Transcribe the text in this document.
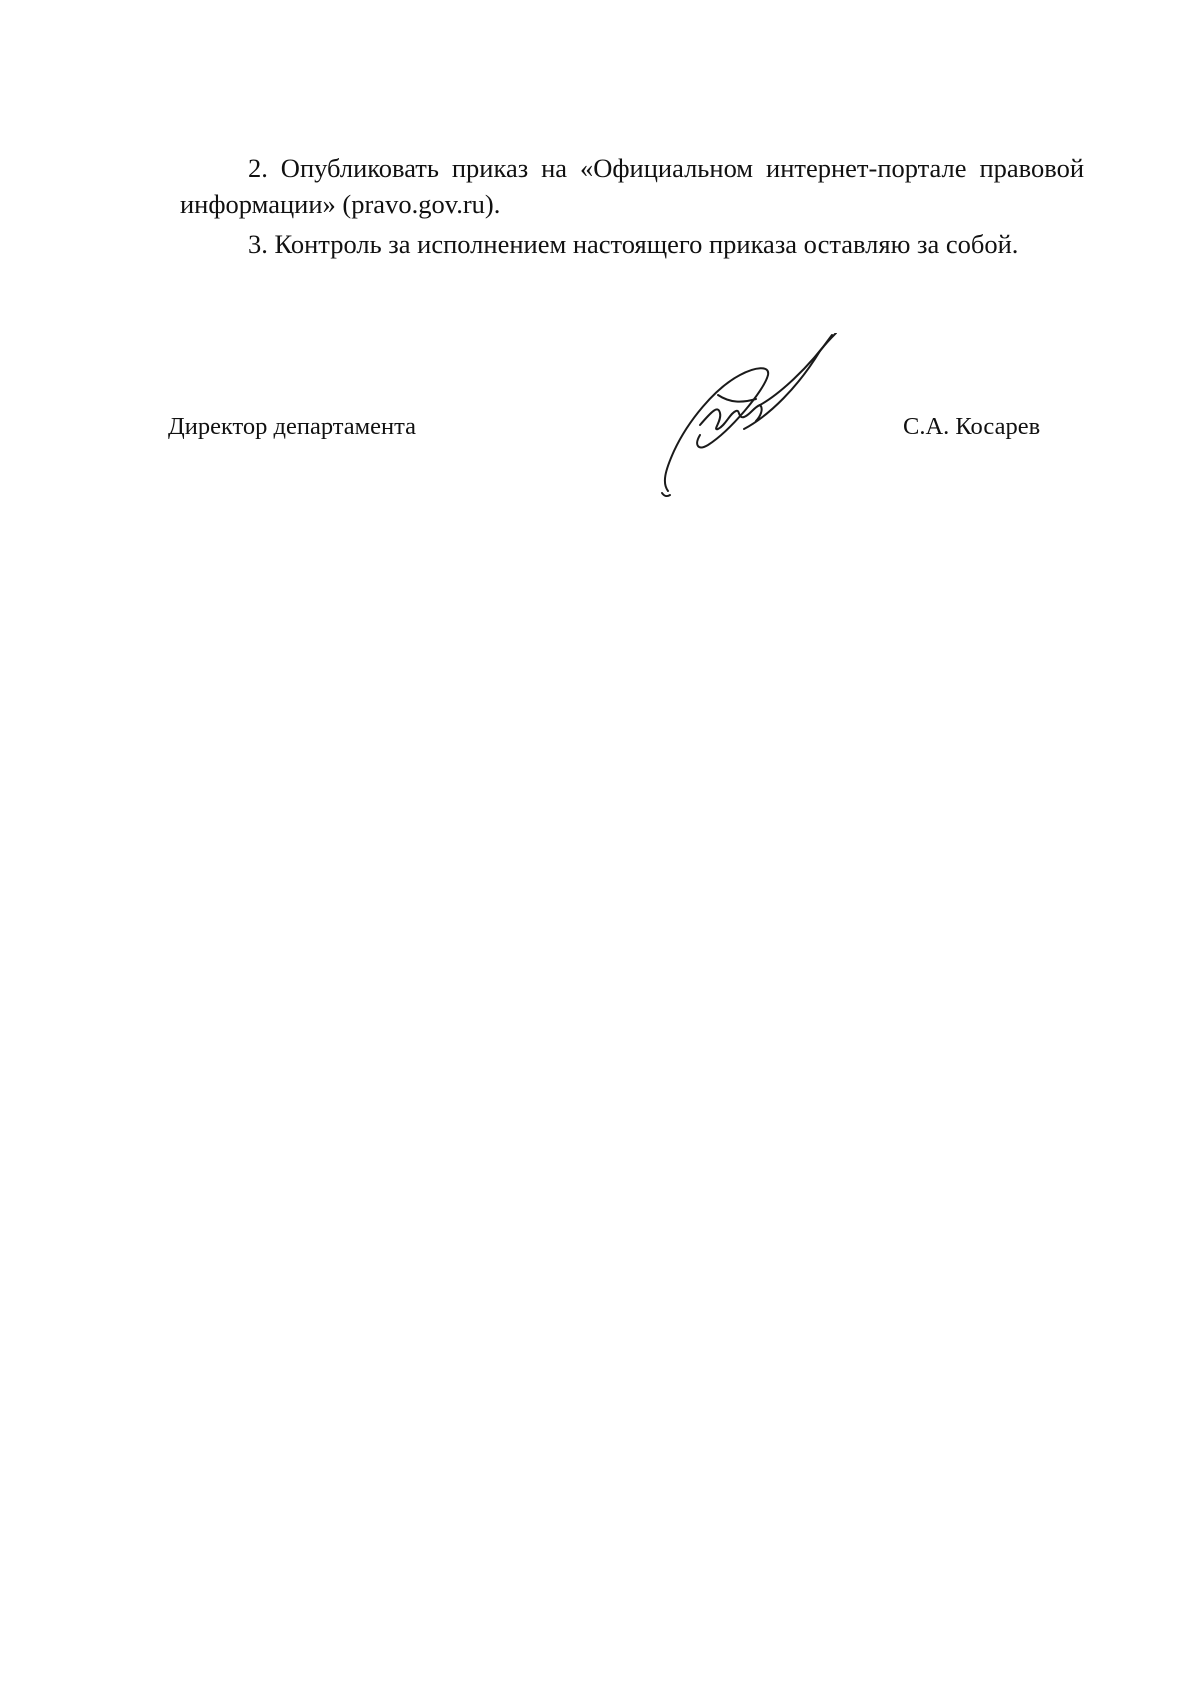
2. Опубликовать приказ на «Официальном интернет-портале правовой информации» (pravo.gov.ru).

3. Контроль за исполнением настоящего приказа оставляю за собой.

Директор департамента	С.А. Косарев
